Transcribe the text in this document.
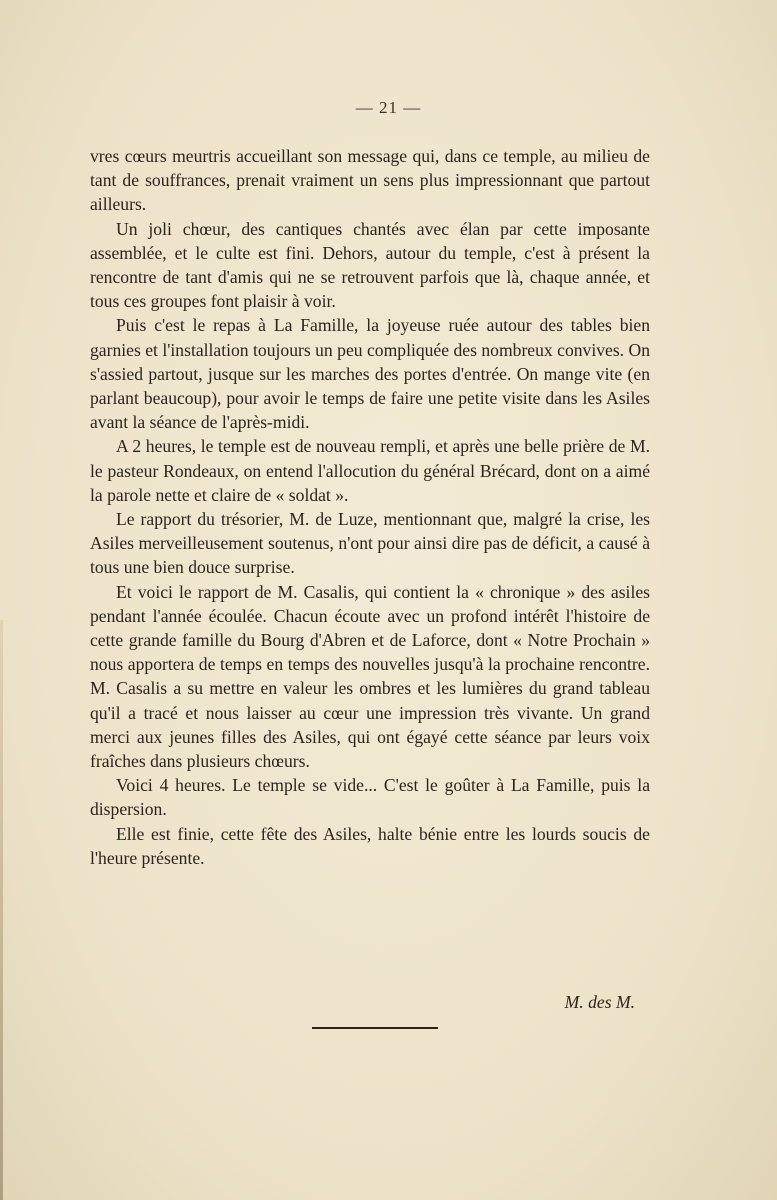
— 21 —

vres cœurs meurtris accueillant son message qui, dans ce temple, au milieu de tant de souffrances, prenait vraiment un sens plus impressionnant que partout ailleurs.

Un joli chœur, des cantiques chantés avec élan par cette imposante assemblée, et le culte est fini. Dehors, autour du temple, c'est à présent la rencontre de tant d'amis qui ne se retrouvent parfois que là, chaque année, et tous ces groupes font plaisir à voir.

Puis c'est le repas à La Famille, la joyeuse ruée autour des tables bien garnies et l'installation toujours un peu compliquée des nombreux convives. On s'assied partout, jusque sur les marches des portes d'entrée. On mange vite (en parlant beaucoup), pour avoir le temps de faire une petite visite dans les Asiles avant la séance de l'après-midi.

A 2 heures, le temple est de nouveau rempli, et après une belle prière de M. le pasteur Rondeaux, on entend l'allocution du général Brécard, dont on a aimé la parole nette et claire de « soldat ».

Le rapport du trésorier, M. de Luze, mentionnant que, malgré la crise, les Asiles merveilleusement soutenus, n'ont pour ainsi dire pas de déficit, a causé à tous une bien douce surprise.

Et voici le rapport de M. Casalis, qui contient la « chronique » des asiles pendant l'année écoulée. Chacun écoute avec un profond intérêt l'histoire de cette grande famille du Bourg d'Abren et de Laforce, dont « Notre Prochain » nous apportera de temps en temps des nouvelles jusqu'à la prochaine rencontre. M. Casalis a su mettre en valeur les ombres et les lumières du grand tableau qu'il a tracé et nous laisser au cœur une impression très vivante. Un grand merci aux jeunes filles des Asiles, qui ont égayé cette séance par leurs voix fraîches dans plusieurs chœurs.

Voici 4 heures. Le temple se vide... C'est le goûter à La Famille, puis la dispersion.

Elle est finie, cette fête des Asiles, halte bénie entre les lourds soucis de l'heure présente.

M. des M.
